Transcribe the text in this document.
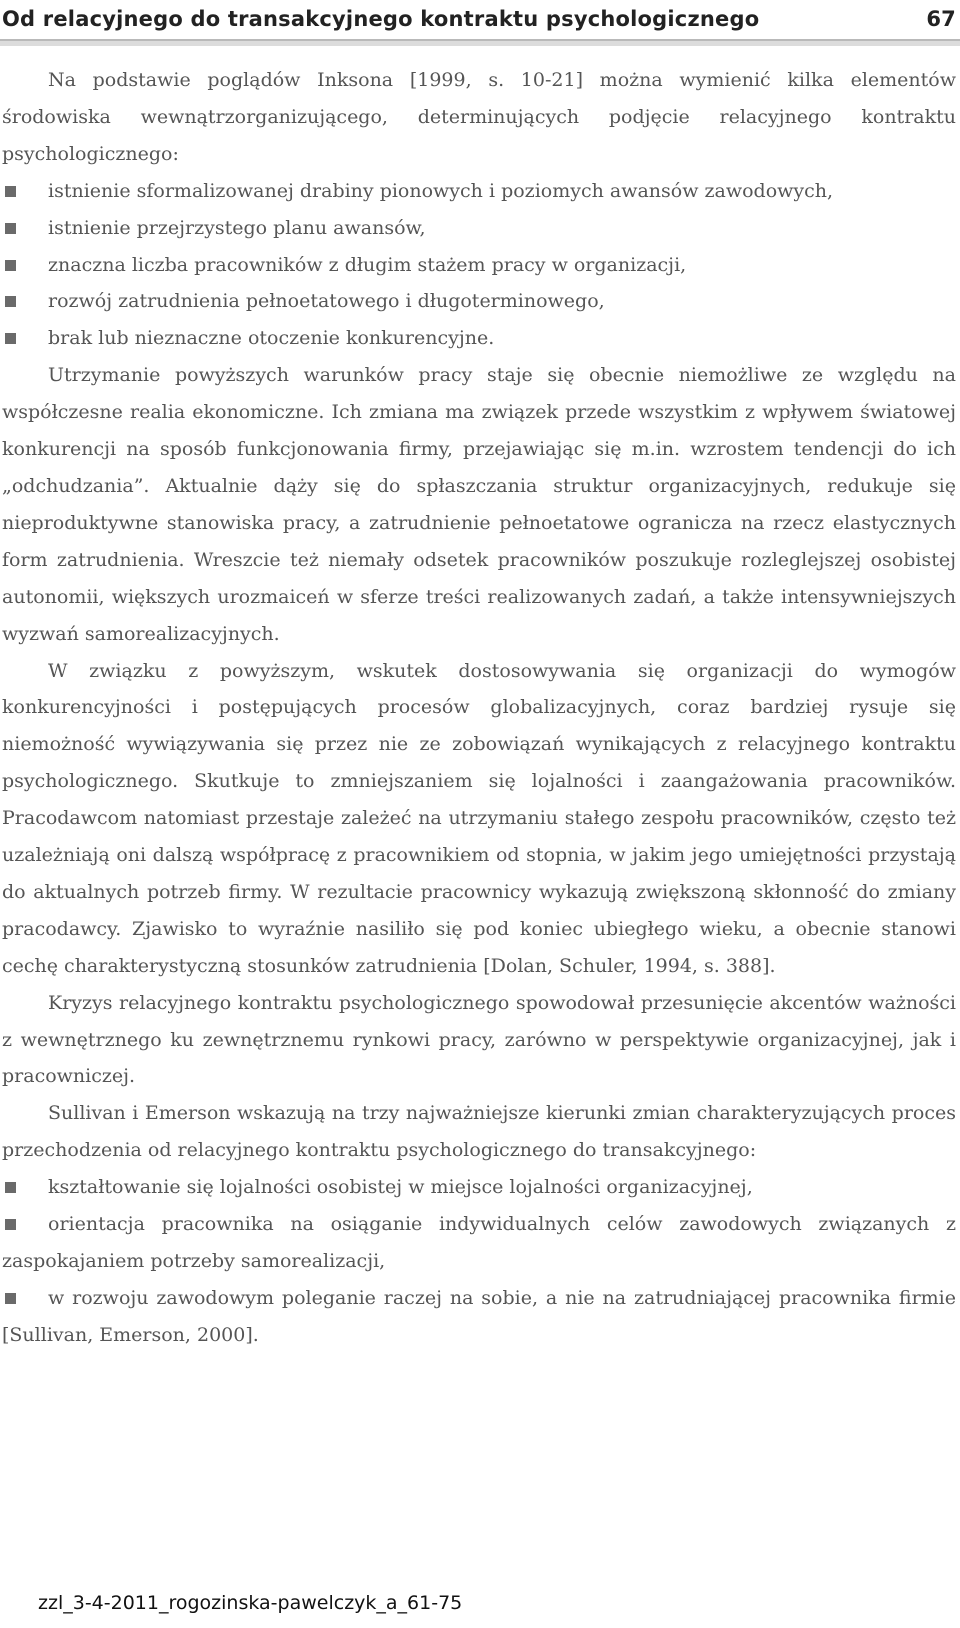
Od relacyjnego do transakcyjnego kontraktu psychologicznego	67

Na podstawie poglądów Inksona [1999, s. 10-21] można wymienić kilka elementów środowiska wewnątrzorganizującego, determinujących podjęcie relacyjnego kontraktu psychologicznego:

istnienie sformalizowanej drabiny pionowych i poziomych awansów zawodowych,

istnienie przejrzystego planu awansów,

znaczna liczba pracowników z długim stażem pracy w organizacji,

rozwój zatrudnienia pełnoetatowego i długoterminowego,

brak lub nieznaczne otoczenie konkurencyjne.

Utrzymanie powyższych warunków pracy staje się obecnie niemożliwe ze względu na współczesne realia ekonomiczne. Ich zmiana ma związek przede wszystkim z wpływem światowej konkurencji na sposób funkcjonowania firmy, przejawiając się m.in. wzrostem tendencji do ich „odchudzania”. Aktualnie dąży się do spłaszczania struktur organizacyjnych, redukuje się nieproduktywne stanowiska pracy, a zatrudnienie pełnoetatowe ogranicza na rzecz elastycznych form zatrudnienia. Wreszcie też niemały odsetek pracowników poszukuje rozleglejszej osobistej autonomii, większych urozmaiceń w sferze treści realizowanych zadań, a także intensywniejszych wyzwań samorealizacyjnych.

W związku z powyższym, wskutek dostosowywania się organizacji do wymogów konkurencyjności i postępujących procesów globalizacyjnych, coraz bardziej rysuje się niemożność wywiązywania się przez nie ze zobowiązań wynikających z relacyjnego kontraktu psychologicznego. Skutkuje to zmniejszaniem się lojalności i zaangażowania pracowników. Pracodawcom natomiast przestaje zależeć na utrzymaniu stałego zespołu pracowników, często też uzależniają oni dalszą współpracę z pracownikiem od stopnia, w jakim jego umiejętności przystają do aktualnych potrzeb firmy. W rezultacie pracownicy wykazują zwiększoną skłonność do zmiany pracodawcy. Zjawisko to wyraźnie nasiliło się pod koniec ubiegłego wieku, a obecnie stanowi cechę charakterystyczną stosunków zatrudnienia [Dolan, Schuler, 1994, s. 388].

Kryzys relacyjnego kontraktu psychologicznego spowodował przesunięcie akcentów ważności z wewnętrznego ku zewnętrznemu rynkowi pracy, zarówno w perspektywie organizacyjnej, jak i pracowniczej.

Sullivan i Emerson wskazują na trzy najważniejsze kierunki zmian charakteryzujących proces przechodzenia od relacyjnego kontraktu psychologicznego do transakcyjnego:

kształtowanie się lojalności osobistej w miejsce lojalności organizacyjnej,

orientacja pracownika na osiąganie indywidualnych celów zawodowych związanych z zaspokajaniem potrzeby samorealizacji,

w rozwoju zawodowym poleganie raczej na sobie, a nie na zatrudniającej pracownika firmie [Sullivan, Emerson, 2000].

zzl_3-4-2011_rogozinska-pawelczyk_a_61-75
